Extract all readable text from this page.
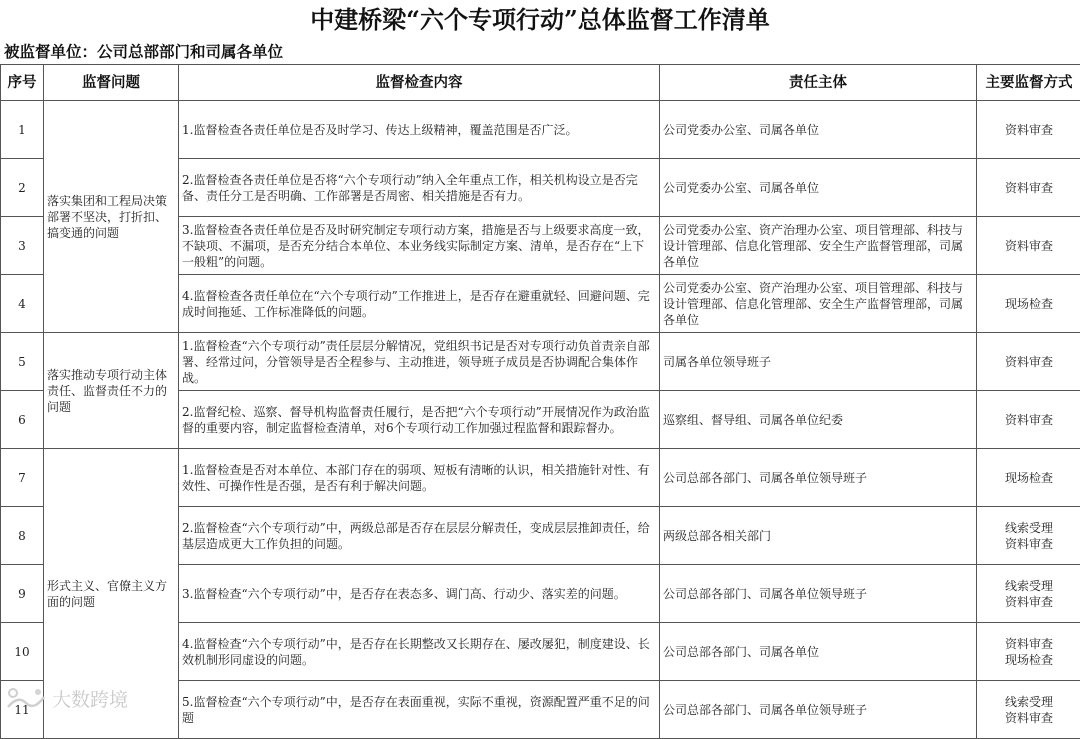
中建桥梁“六个专项行动”总体监督工作清单
被监督单位：公司总部部门和司属各单位
序号	监督问题	监督检查内容	责任主体	主要监督方式
1	落实集团和工程局决策部署不坚决，打折扣、搞变通的问题	1.监督检查各责任单位是否及时学习、传达上级精神，覆盖范围是否广泛。	公司党委办公室、司属各单位	资料审查

2		2.监督检查各责任单位是否将“六个专项行动”纳入全年重点工作，相关机构设立是否完备、责任分工是否明确、工作部署是否周密、相关措施是否有力。	公司党委办公室、司属各单位	资料审查

3		3.监督检查各责任单位是否及时研究制定专项行动方案，措施是否与上级要求高度一致，不缺项、不漏项，是否充分结合本单位、本业务线实际制定方案、清单，是否存在“上下一般粗”的问题。	公司党委办公室、资产治理办公室、项目管理部、科技与设计管理部、信息化管理部、安全生产监督管理部，司属各单位	资料审查

4		4.监督检查各责任单位在“六个专项行动”工作推进上，是否存在避重就轻、回避问题、完成时间拖延、工作标准降低的问题。	公司党委办公室、资产治理办公室、项目管理部、科技与设计管理部、信息化管理部、安全生产监督管理部，司属各单位	现场检查

5	落实推动专项行动主体责任、监督责任不力的问题	1.监督检查“六个专项行动”责任层层分解情况，党组织书记是否对专项行动负首责亲自部署、经常过问，分管领导是否全程参与、主动推进，领导班子成员是否协调配合集体作战。	司属各单位领导班子	资料审查

6		2.监督纪检、巡察、督导机构监督责任履行，是否把“六个专项行动”开展情况作为政治监督的重要内容，制定监督检查清单，对6个专项行动工作加强过程监督和跟踪督办。	巡察组、督导组、司属各单位纪委	资料审查

7	形式主义、官僚主义方面的问题	1.监督检查是否对本单位、本部门存在的弱项、短板有清晰的认识，相关措施针对性、有效性、可操作性是否强，是否有利于解决问题。	公司总部各部门、司属各单位领导班子	现场检查

8		2.监督检查“六个专项行动”中，两级总部是否存在层层分解责任，变成层层推卸责任，给基层造成更大工作负担的问题。	两级总部各相关部门	线索受理
资料审查

9		3.监督检查“六个专项行动”中，是否存在表态多、调门高、行动少、落实差的问题。	公司总部各部门、司属各单位领导班子	线索受理
资料审查

10		4.监督检查“六个专项行动”中，是否存在长期整改又长期存在、屡改屡犯，制度建设、长效机制形同虚设的问题。	公司总部各部门、司属各单位	资料审查
现场检查

11		5.监督检查“六个专项行动”中，是否存在表面重视，实际不重视，资源配置严重不足的问题	公司总部各部门、司属各单位领导班子	线索受理
资料审查
大数跨境
